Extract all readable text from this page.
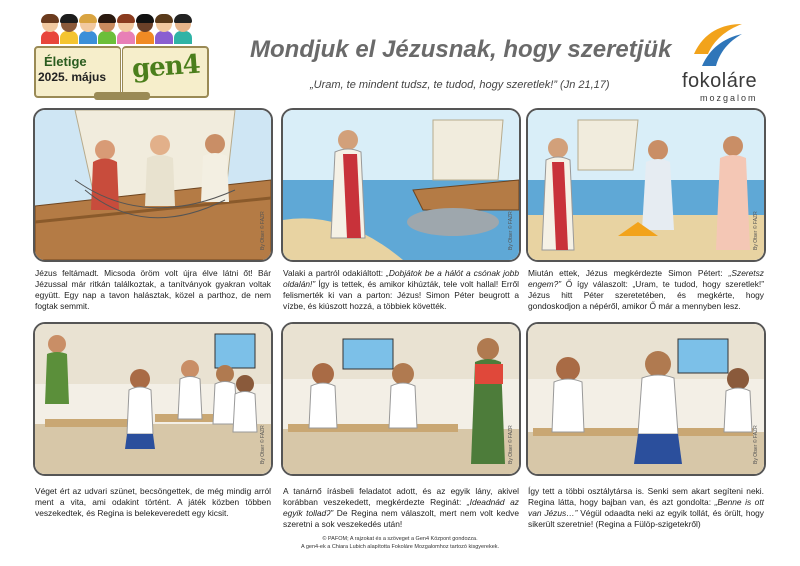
Életige
2025. május gen4
Mondjuk el Jézusnak, hogy szeretjük
„Uram, te mindent tudsz, te tudod, hogy szeretlek!” (Jn 21,17)	fokoláre
mozgalom
By Otser © FAZR
Jézus feltámadt. Micsoda öröm volt újra élve látni őt! Bár Jézussal már ritkán találkoztak, a tanítványok gyakran voltak együtt. Egy nap a tavon halásztak, közel a parthoz, de nem fogtak semmit.
By Otser © FAZR
Valaki a partról odakiáltott: „Dobjátok be a hálót a csónak jobb oldalán!” Így is tettek, és amikor kihúzták, tele volt hallal! Erről felismerték ki van a parton: Jézus! Simon Péter beugrott a vízbe, és kiúszott hozzá, a többiek követték.
By Otser © FAZR
Miután ettek, Jézus megkérdezte Simon Pétert: „Szeretsz engem?” Ő így válaszolt: „Uram, te tudod, hogy szeretlek!” Jézus hitt Péter szeretetében, és megkérte, hogy gondoskodjon a népéről, amikor Ő már a mennyben lesz.
By Otser © FAZR
Véget ért az udvari szünet, becsöngettek, de még mindig arról ment a vita, ami odakint történt. A játék közben többen veszekedtek, és Regina is belekeveredett egy kicsit.
By Otser © FAZR
A tanárnő írásbeli feladatot adott, és az egyik lány, akivel korábban veszekedett, megkérdezte Reginát: „Ideadnád az egyik tolladʔ” De Regina nem válaszolt, mert nem volt kedve szeretni a sok veszekedés után!
By Otser © FAZR
Így tett a többi osztálytársa is. Senki sem akart segíteni neki. Regina látta, hogy bajban van, és azt gondolta: „Benne is ott van Jézus…” Végül odaadta neki az egyik tollát, és örült, hogy sikerült szeretnie! (Regina a Fülöp-szigetekről)
© PAFOM; A rajzokat és a szöveget a Gen4 Központ gondozza.
A gen4-ek a Chiara Lubich alapította Fokoláre Mozgalomhoz tartozó kisgyerekek.
